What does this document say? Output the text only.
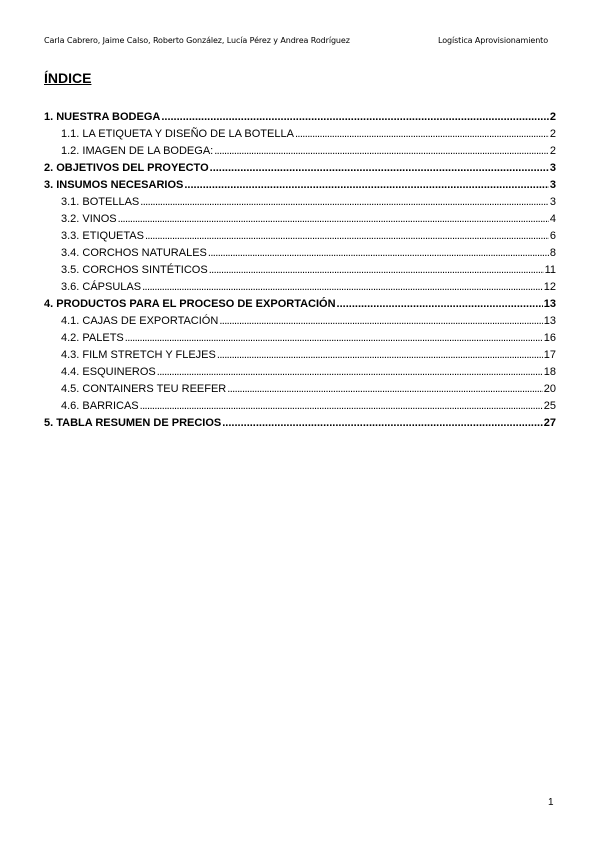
Carla Cabrero, Jaime Calso, Roberto González, Lucía Pérez y Andrea Rodríguez	Logística Aprovisionamiento
ÍNDICE
1. NUESTRA BODEGA .....	2
1.1. LA ETIQUETA Y DISEÑO DE LA BOTELLA .....	2
1.2. IMAGEN DE LA BODEGA: .....	2
2. OBJETIVOS DEL PROYECTO .....	3
3. INSUMOS NECESARIOS .....	3
3.1. BOTELLAS .....	3
3.2. VINOS .....	4
3.3. ETIQUETAS .....	6
3.4. CORCHOS NATURALES .....	8
3.5. CORCHOS SINTÉTICOS .....	11
3.6. CÁPSULAS .....	12
4. PRODUCTOS PARA EL PROCESO DE EXPORTACIÓN .....	13
4.1. CAJAS DE EXPORTACIÓN .....	13
4.2. PALETS .....	16
4.3. FILM STRETCH Y FLEJES .....	17
4.4. ESQUINEROS .....	18
4.5. CONTAINERS TEU REEFER .....	20
4.6. BARRICAS .....	25
5. TABLA RESUMEN DE PRECIOS .....	27
1
